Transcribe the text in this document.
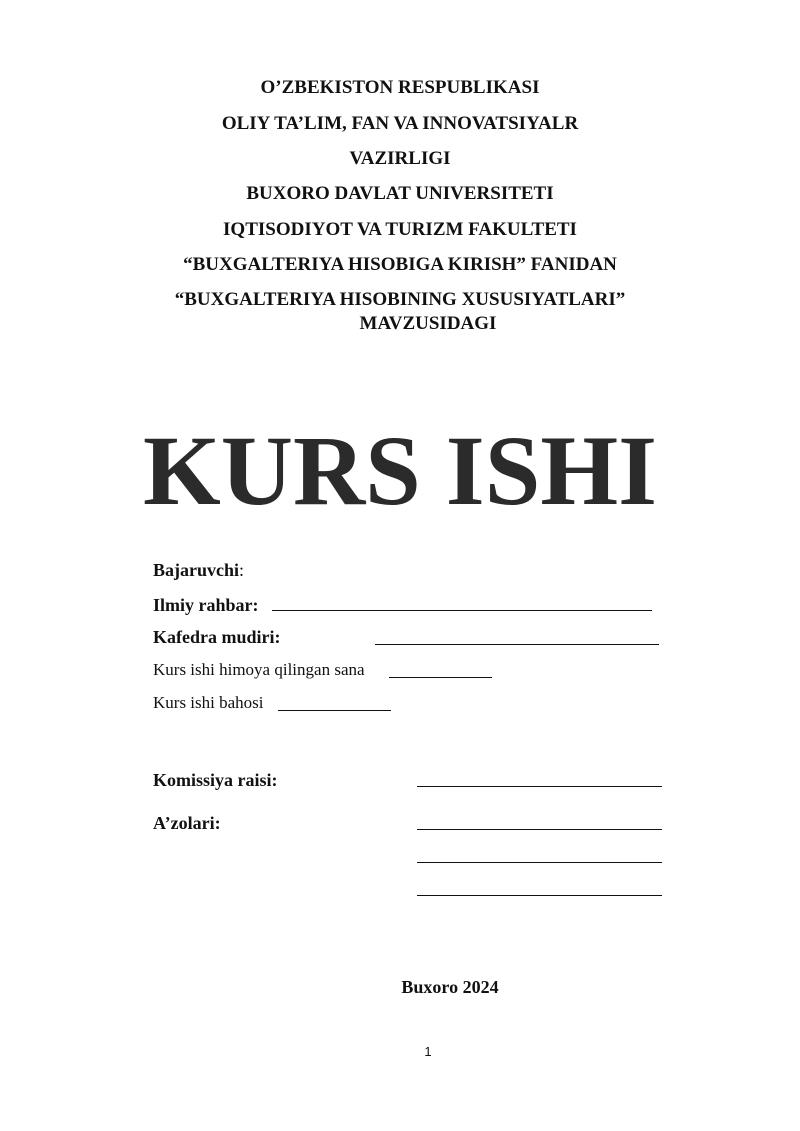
O’ZBEKISTON RESPUBLIKASI
OLIY TA’LIM, FAN VA INNOVATSIYALR
VAZIRLIGI
BUXORO DAVLAT UNIVERSITETI
IQTISODIYOT VA TURIZM FAKULTETI
“BUXGALTERIYA HISOBIGA KIRISH” FANIDAN
“BUXGALTERIYA HISOBINING XUSUSIYATLARI”
MAVZUSIDAGI
KURS ISHI
Bajaruvchi:
Ilmiy rahbar:
Kafedra mudiri:
Kurs ishi himoya qilingan sana
Kurs ishi bahosi
Komissiya raisi:
A’zolari:
Buxoro 2024
1
